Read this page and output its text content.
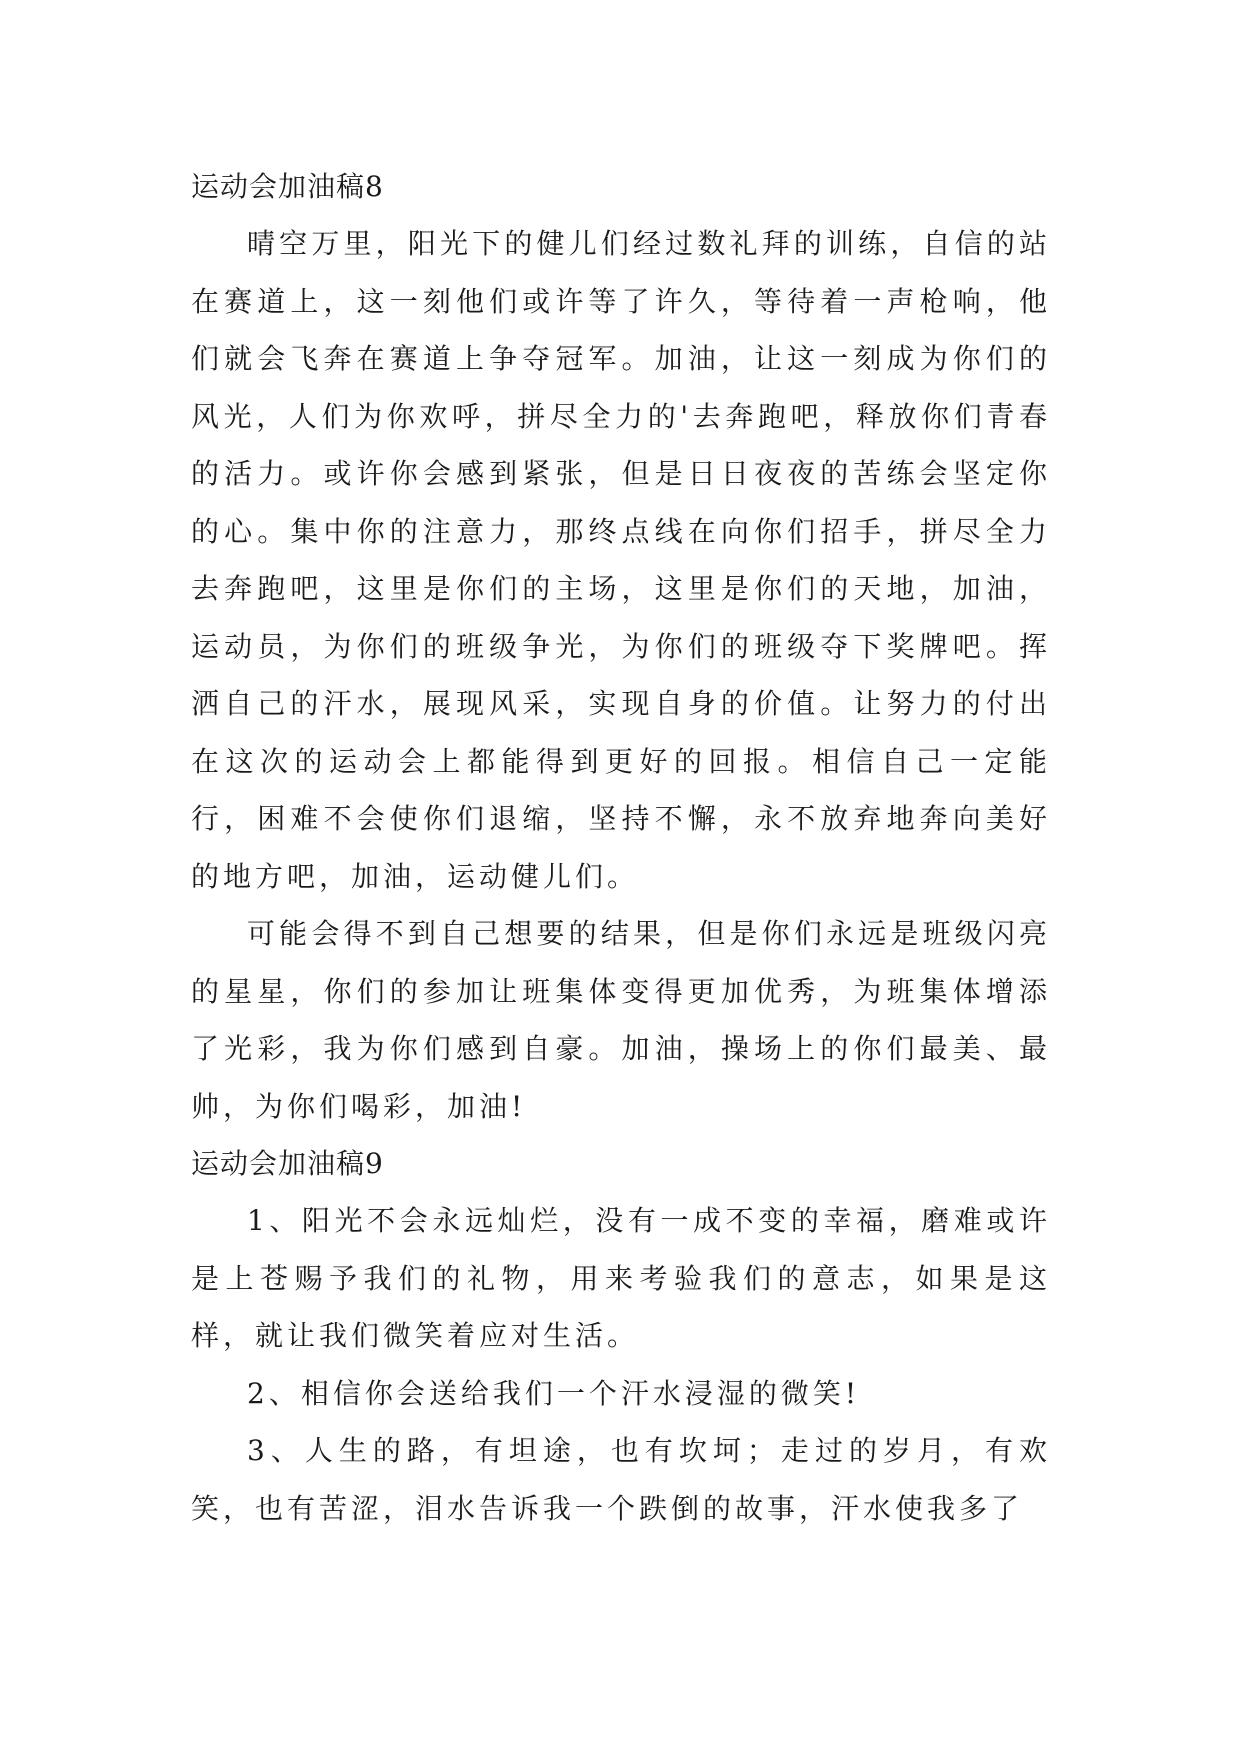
运动会加油稿8

晴空万里，阳光下的健儿们经过数礼拜的训练，自信的站在赛道上，这一刻他们或许等了许久，等待着一声枪响，他们就会飞奔在赛道上争夺冠军。加油，让这一刻成为你们的风光，人们为你欢呼，拼尽全力的'去奔跑吧，释放你们青春的活力。或许你会感到紧张，但是日日夜夜的苦练会坚定你的心。集中你的注意力，那终点线在向你们招手，拼尽全力去奔跑吧，这里是你们的主场，这里是你们的天地，加油，运动员，为你们的班级争光，为你们的班级夺下奖牌吧。挥洒自己的汗水，展现风采，实现自身的价值。让努力的付出在这次的运动会上都能得到更好的回报。相信自己一定能行，困难不会使你们退缩，坚持不懈，永不放弃地奔向美好的地方吧，加油，运动健儿们。

可能会得不到自己想要的结果，但是你们永远是班级闪亮的星星，你们的参加让班集体变得更加优秀，为班集体增添了光彩，我为你们感到自豪。加油，操场上的你们最美、最帅，为你们喝彩，加油!

运动会加油稿9

1、阳光不会永远灿烂，没有一成不变的幸福，磨难或许是上苍赐予我们的礼物，用来考验我们的意志，如果是这样，就让我们微笑着应对生活。

2、相信你会送给我们一个汗水浸湿的微笑!

3、人生的路，有坦途，也有坎坷；走过的岁月，有欢笑，也有苦涩，泪水告诉我一个跌倒的故事，汗水使我多了
